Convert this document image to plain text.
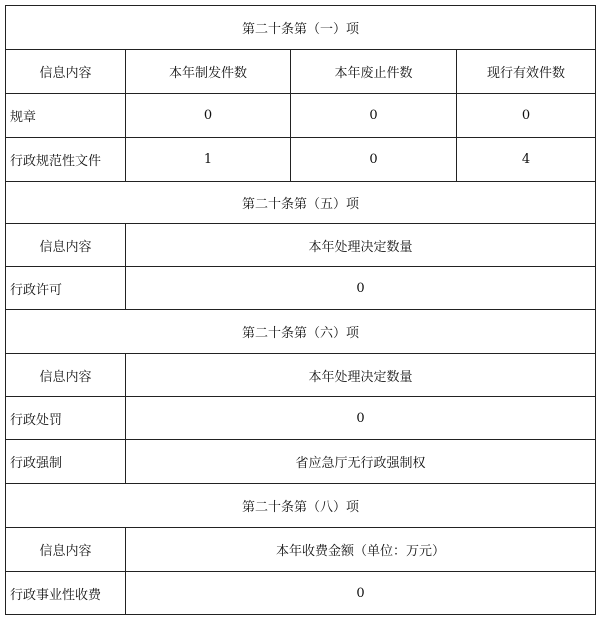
第二十条第（一）项			
信息内容	本年制发件数	本年废止件数	现行有效件数
规章	0	0	0
行政规范性文件	1	0	4
第二十条第（五）项			
信息内容	本年处理决定数量		
行政许可	0		
第二十条第（六）项			
信息内容	本年处理决定数量		
行政处罚	0		
行政强制	省应急厅无行政强制权		
第二十条第（八）项			
信息内容	本年收费金额（单位：万元）		
行政事业性收费	0		
